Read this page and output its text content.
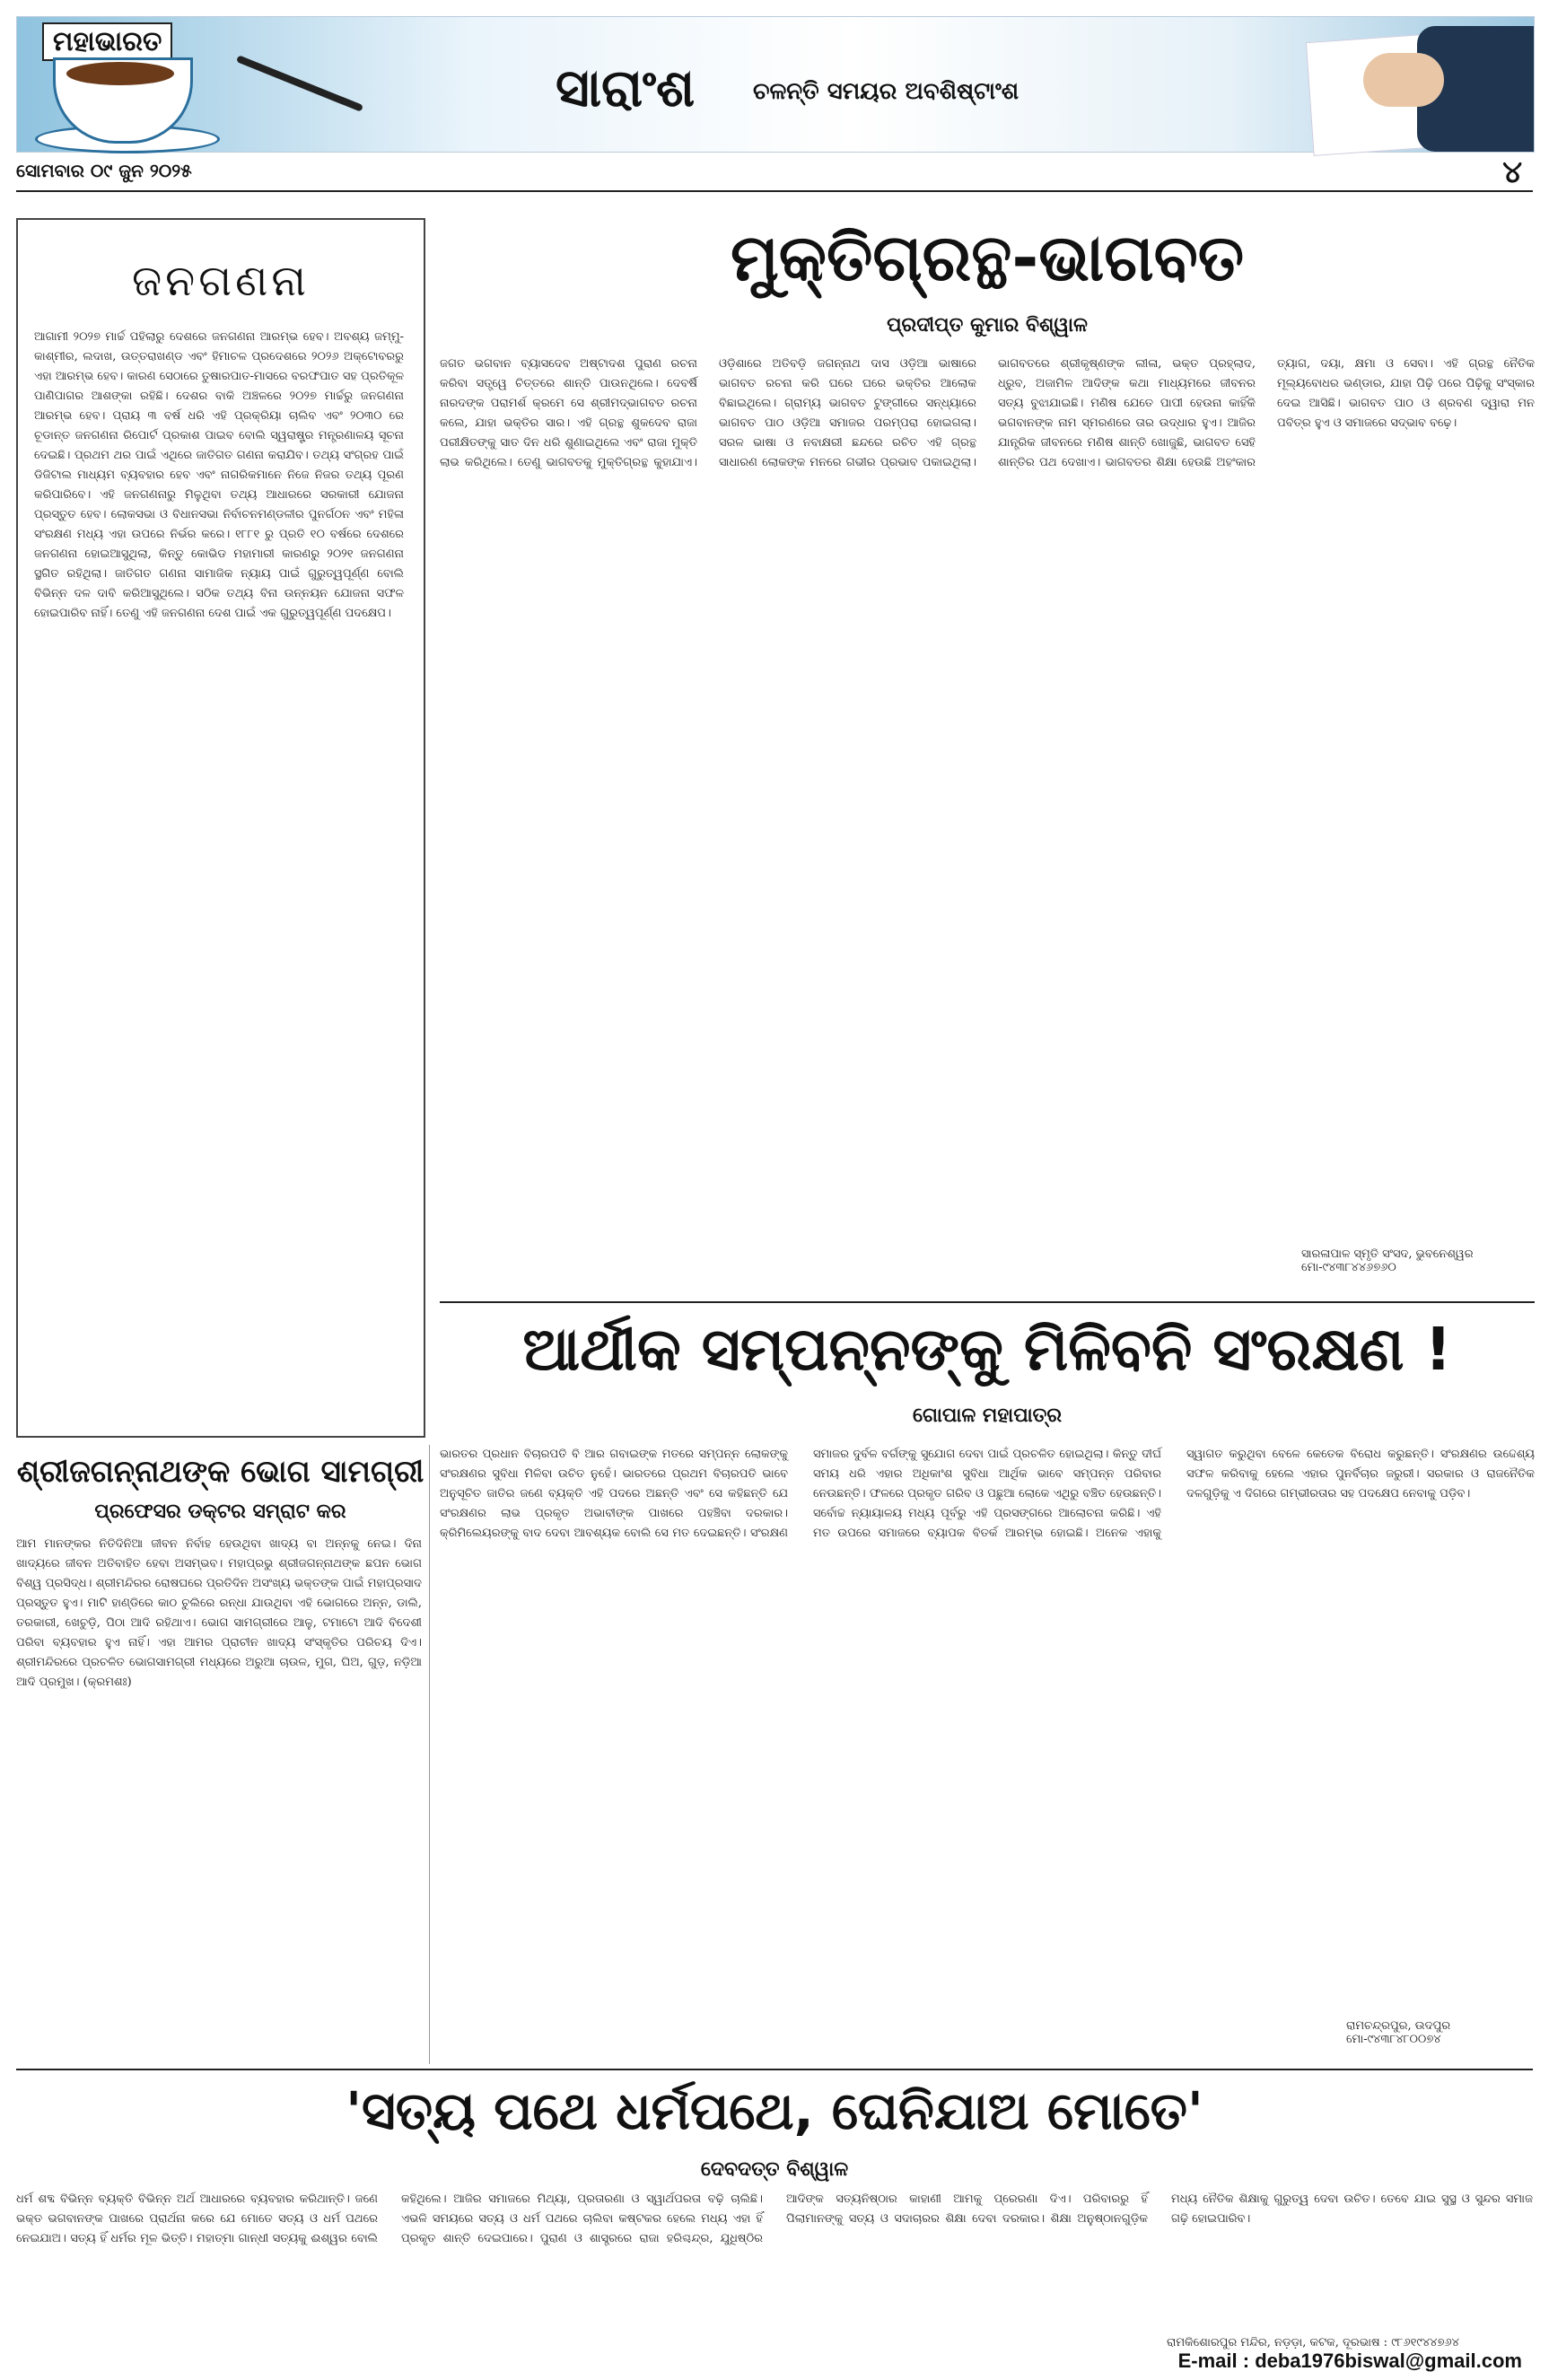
ମହାଭାରତ
ସାରାଂଶ ଚଳନ୍ତି ସମୟର ଅବଶିଷ୍ଟାଂଶ
ସୋମବାର ୦୯ ଜୁନ ୨୦୨୫	୪
ଜନଗଣନା
ଆଗାମୀ ୨୦୨୭ ମାର୍ଚ୍ଚ ପହିଲାରୁ ଦେଶରେ ଜନଗଣନା ଆରମ୍ଭ ହେବ। ଅବଶ୍ୟ ଜମ୍ମୁ-କାଶ୍ମୀର, ଲଦାଖ, ଉତ୍ତରାଖଣ୍ଡ ଏବଂ ହିମାଚଳ ପ୍ରଦେଶରେ ୨୦୨୬ ଅକ୍ଟୋବରରୁ ଏହା ଆରମ୍ଭ ହେବ। କାରଣ ସେଠାରେ ତୁଷାରପାତ-ମାସରେ ବରଫପାତ ସହ ପ୍ରତିକୂଳ ପାଣିପାଗର ଆଶଙ୍କା ରହିଛି। ଦେଶର ବାକି ଅଞ୍ଚଳରେ ୨୦୨୭ ମାର୍ଚ୍ଚରୁ ଜନଗଣନା ଆରମ୍ଭ ହେବ। ପ୍ରାୟ ୩ ବର୍ଷ ଧରି ଏହି ପ୍ରକ୍ରିୟା ଚାଲିବ ଏବଂ ୨୦୩୦ ରେ ଚୂଡାନ୍ତ ଜନଗଣନା ରିପୋର୍ଟ ପ୍ରକାଶ ପାଇବ ବୋଲି ସ୍ୱରାଷ୍ଟ୍ର ମନ୍ତ୍ରଣାଳୟ ସୂଚନା ଦେଇଛି। ପ୍ରଥମ ଥର ପାଇଁ ଏଥିରେ ଜାତିଗତ ଗଣନା କରାଯିବ। ତଥ୍ୟ ସଂଗ୍ରହ ପାଇଁ ଡିଜିଟାଲ ମାଧ୍ୟମ ବ୍ୟବହାର ହେବ ଏବଂ ନାଗରିକମାନେ ନିଜେ ନିଜର ତଥ୍ୟ ପୂରଣ କରିପାରିବେ। ଏହି ଜନଗଣନାରୁ ମିଳୁଥିବା ତଥ୍ୟ ଆଧାରରେ ସରକାରୀ ଯୋଜନା ପ୍ରସ୍ତୁତ ହେବ। ଲୋକସଭା ଓ ବିଧାନସଭା ନିର୍ବାଚନମଣ୍ଡଳୀର ପୁନର୍ଗଠନ ଏବଂ ମହିଳା ସଂରକ୍ଷଣ ମଧ୍ୟ ଏହା ଉପରେ ନିର୍ଭର କରେ। ୧୮୮୧ ରୁ ପ୍ରତି ୧୦ ବର୍ଷରେ ଦେଶରେ ଜନଗଣନା ହୋଇଆସୁଥିଲା, କିନ୍ତୁ କୋଭିଡ ମହାମାରୀ କାରଣରୁ ୨୦୨୧ ଜନଗଣନା ସ୍ଥଗିତ ରହିଥିଲା। ଜାତିଗତ ଗଣନା ସାମାଜିକ ନ୍ୟାୟ ପାଇଁ ଗୁରୁତ୍ୱପୂର୍ଣ୍ଣ ବୋଲି ବିଭିନ୍ନ ଦଳ ଦାବି କରିଆସୁଥିଲେ। ସଠିକ ତଥ୍ୟ ବିନା ଉନ୍ନୟନ ଯୋଜନା ସଫଳ ହୋଇପାରିବ ନାହିଁ। ତେଣୁ ଏହି ଜନଗଣନା ଦେଶ ପାଇଁ ଏକ ଗୁରୁତ୍ୱପୂର୍ଣ୍ଣ ପଦକ୍ଷେପ।
ମୁକ୍ତିଗ୍ରନ୍ଥ-ଭାଗବତ
ପ୍ରଦୀପ୍ତ କୁମାର ବିଶ୍ୱାଳ
ଜଗତ ଭଗବାନ ବ୍ୟାସଦେବ ଅଷ୍ଟାଦଶ ପୁରାଣ ରଚନା କରିବା ସତ୍ତ୍ୱେ ଚିତ୍ତରେ ଶାନ୍ତି ପାଉନଥିଲେ। ଦେବର୍ଷି ନାରଦଙ୍କ ପରାମର୍ଶ କ୍ରମେ ସେ ଶ୍ରୀମଦ୍ଭାଗବତ ରଚନା କଲେ, ଯାହା ଭକ୍ତିର ସାର। ଏହି ଗ୍ରନ୍ଥ ଶୁକଦେବ ରାଜା ପରୀକ୍ଷିତଙ୍କୁ ସାତ ଦିନ ଧରି ଶୁଣାଇଥିଲେ ଏବଂ ରାଜା ମୁକ୍ତି ଲାଭ କରିଥିଲେ। ତେଣୁ ଭାଗବତକୁ ମୁକ୍ତିଗ୍ରନ୍ଥ କୁହାଯାଏ। ଓଡ଼ିଶାରେ ଅତିବଡ଼ି ଜଗନ୍ନାଥ ଦାସ ଓଡ଼ିଆ ଭାଷାରେ ଭାଗବତ ରଚନା କରି ଘରେ ଘରେ ଭକ୍ତିର ଆଲୋକ ବିଛାଇଥିଲେ। ଗ୍ରାମ୍ୟ ଭାଗବତ ଟୁଙ୍ଗୀରେ ସନ୍ଧ୍ୟାରେ ଭାଗବତ ପାଠ ଓଡ଼ିଆ ସମାଜର ପରମ୍ପରା ହୋଇଗଲା। ସରଳ ଭାଷା ଓ ନବାକ୍ଷରୀ ଛନ୍ଦରେ ରଚିତ ଏହି ଗ୍ରନ୍ଥ ସାଧାରଣ ଲୋକଙ୍କ ମନରେ ଗଭୀର ପ୍ରଭାବ ପକାଇଥିଲା। ଭାଗବତରେ ଶ୍ରୀକୃଷ୍ଣଙ୍କ ଲୀଳା, ଭକ୍ତ ପ୍ରହ୍ଲାଦ, ଧ୍ରୁବ, ଅଜାମିଳ ଆଦିଙ୍କ କଥା ମାଧ୍ୟମରେ ଜୀବନର ସତ୍ୟ ବୁଝାଯାଇଛି। ମଣିଷ ଯେତେ ପାପୀ ହେଉନା କାହିଁକି ଭଗବାନଙ୍କ ନାମ ସ୍ମରଣରେ ତାର ଉଦ୍ଧାର ହୁଏ। ଆଜିର ଯାନ୍ତ୍ରିକ ଜୀବନରେ ମଣିଷ ଶାନ୍ତି ଖୋଜୁଛି, ଭାଗବତ ସେହି ଶାନ୍ତିର ପଥ ଦେଖାଏ। ଭାଗବତର ଶିକ୍ଷା ହେଉଛି ଅହଂକାର ତ୍ୟାଗ, ଦୟା, କ୍ଷମା ଓ ସେବା। ଏହି ଗ୍ରନ୍ଥ ନୈତିକ ମୂଲ୍ୟବୋଧର ଭଣ୍ଡାର, ଯାହା ପିଢ଼ି ପରେ ପିଢ଼ିକୁ ସଂସ୍କାର ଦେଇ ଆସିଛି। ଭାଗବତ ପାଠ ଓ ଶ୍ରବଣ ଦ୍ୱାରା ମନ ପବିତ୍ର ହୁଏ ଓ ସମାଜରେ ସଦ୍ଭାବ ବଢ଼େ।
ସାରଳାପାଳ ସ୍ମୃତି ସଂସଦ, ଭୁବନେଶ୍ୱର
ମୋ-୯୪୩୮୪୪୬୭୬୦
ଆର୍ଥୀକ ସମ୍ପନ୍ନଙ୍କୁ ମିଳିବନି ସଂରକ୍ଷଣ !
ଗୋପାଳ ମହାପାତ୍ର
ଶ୍ରୀଜଗନ୍ନାଥଙ୍କ ଭୋଗ ସାମଗ୍ରୀ
ପ୍ରଫେସର ଡକ୍ଟର ସମ୍ରାଟ କର
ଆମ ମାନଙ୍କର ନିତିଦିନିଆ ଜୀବନ ନିର୍ବାହ ହେଉଥିବା ଖାଦ୍ୟ ବା ଅନ୍ନକୁ ନେଇ। ଦିନା ଖାଦ୍ୟରେ ଜୀବନ ଅତିବାହିତ ହେବା ଅସମ୍ଭବ। ମହାପ୍ରଭୁ ଶ୍ରୀଜଗନ୍ନାଥଙ୍କ ଛପନ ଭୋଗ ବିଶ୍ୱ ପ୍ରସିଦ୍ଧ। ଶ୍ରୀମନ୍ଦିରର ରୋଷଘରେ ପ୍ରତିଦିନ ଅସଂଖ୍ୟ ଭକ୍ତଙ୍କ ପାଇଁ ମହାପ୍ରସାଦ ପ୍ରସ୍ତୁତ ହୁଏ। ମାଟି ହାଣ୍ଡିରେ କାଠ ଚୁଲିରେ ରନ୍ଧା ଯାଉଥିବା ଏହି ଭୋଗରେ ଅନ୍ନ, ଡାଲି, ତରକାରୀ, ଖେଚୁଡ଼ି, ପିଠା ଆଦି ରହିଥାଏ। ଭୋଗ ସାମଗ୍ରୀରେ ଆଳୁ, ଟମାଟୋ ଆଦି ବିଦେଶୀ ପରିବା ବ୍ୟବହାର ହୁଏ ନାହିଁ। ଏହା ଆମର ପ୍ରାଚୀନ ଖାଦ୍ୟ ସଂସ୍କୃତିର ପରିଚୟ ଦିଏ। ଶ୍ରୀମନ୍ଦିରରେ ପ୍ରଚଳିତ ଭୋଗସାମଗ୍ରୀ ମଧ୍ୟରେ ଅରୁଆ ଚାଉଳ, ମୁଗ, ଘିଅ, ଗୁଡ଼, ନଡ଼ିଆ ଆଦି ପ୍ରମୁଖ। (କ୍ରମଶଃ)
ଭାରତର ପ୍ରଧାନ ବିଚାରପତି ବି ଆର ଗବାଇଙ୍କ ମତରେ ସମ୍ପନ୍ନ ଲୋକଙ୍କୁ ସଂରକ୍ଷଣର ସୁବିଧା ମିଳିବା ଉଚିତ ନୁହେଁ। ଭାରତରେ ପ୍ରଥମ ବିଚାରପତି ଭାବେ ଅନୁସୂଚିତ ଜାତିର ଜଣେ ବ୍ୟକ୍ତି ଏହି ପଦରେ ଅଛନ୍ତି ଏବଂ ସେ କହିଛନ୍ତି ଯେ ସଂରକ୍ଷଣର ଲାଭ ପ୍ରକୃତ ଅଭାବୀଙ୍କ ପାଖରେ ପହଞ୍ଚିବା ଦରକାର। କ୍ରିମିଲେୟରଙ୍କୁ ବାଦ ଦେବା ଆବଶ୍ୟକ ବୋଲି ସେ ମତ ଦେଇଛନ୍ତି। ସଂରକ୍ଷଣ ସମାଜର ଦୁର୍ବଳ ବର୍ଗଙ୍କୁ ସୁଯୋଗ ଦେବା ପାଇଁ ପ୍ରଚଳିତ ହୋଇଥିଲା। କିନ୍ତୁ ଦୀର୍ଘ ସମୟ ଧରି ଏହାର ଅଧିକାଂଶ ସୁବିଧା ଆର୍ଥିକ ଭାବେ ସମ୍ପନ୍ନ ପରିବାର ନେଉଛନ୍ତି। ଫଳରେ ପ୍ରକୃତ ଗରିବ ଓ ପଛୁଆ ଲୋକେ ଏଥିରୁ ବଞ୍ଚିତ ହେଉଛନ୍ତି। ସର୍ବୋଚ୍ଚ ନ୍ୟାୟାଳୟ ମଧ୍ୟ ପୂର୍ବରୁ ଏହି ପ୍ରସଙ୍ଗରେ ଆଲୋଚନା କରିଛି। ଏହି ମତ ଉପରେ ସମାଜରେ ବ୍ୟାପକ ବିତର୍କ ଆରମ୍ଭ ହୋଇଛି। ଅନେକ ଏହାକୁ ସ୍ୱାଗତ କରୁଥିବା ବେଳେ କେତେକ ବିରୋଧ କରୁଛନ୍ତି। ସଂରକ୍ଷଣର ଉଦ୍ଦେଶ୍ୟ ସଫଳ କରିବାକୁ ହେଲେ ଏହାର ପୁନର୍ବିଚାର ଜରୁରୀ। ସରକାର ଓ ରାଜନୈତିକ ଦଳଗୁଡ଼ିକୁ ଏ ଦିଗରେ ଗମ୍ଭୀରତାର ସହ ପଦକ୍ଷେପ ନେବାକୁ ପଡ଼ିବ।
ରାମଚନ୍ଦ୍ରପୁର, ଉଦପୁର
ମୋ-୯୪୩୮୪୮୦୦୭୪
'ସତ୍ୟ ପଥେ ଧର୍ମପଥେ, ଘେନିଯାଅ ମୋତେ'
ଦେବଦତ୍ତ ବିଶ୍ୱାଳ
ଧର୍ମ ଶବ୍ଦ ବିଭିନ୍ନ ବ୍ୟକ୍ତି ବିଭିନ୍ନ ଅର୍ଥ ଆଧାରରେ ବ୍ୟବହାର କରିଥାନ୍ତି। ଜଣେ ଭକ୍ତ ଭଗବାନଙ୍କ ପାଖରେ ପ୍ରାର୍ଥନା କରେ ଯେ ମୋତେ ସତ୍ୟ ଓ ଧର୍ମ ପଥରେ ନେଇଯାଅ। ସତ୍ୟ ହିଁ ଧର୍ମର ମୂଳ ଭିତ୍ତି। ମହାତ୍ମା ଗାନ୍ଧୀ ସତ୍ୟକୁ ଈଶ୍ୱର ବୋଲି କହିଥିଲେ। ଆଜିର ସମାଜରେ ମିଥ୍ୟା, ପ୍ରତାରଣା ଓ ସ୍ୱାର୍ଥପରତା ବଢ଼ି ଚାଲିଛି। ଏଭଳି ସମୟରେ ସତ୍ୟ ଓ ଧର୍ମ ପଥରେ ଚାଲିବା କଷ୍ଟକର ହେଲେ ମଧ୍ୟ ଏହା ହିଁ ପ୍ରକୃତ ଶାନ୍ତି ଦେଇପାରେ। ପୁରାଣ ଓ ଶାସ୍ତ୍ରରେ ରାଜା ହରିଶ୍ଚନ୍ଦ୍ର, ଯୁଧିଷ୍ଠିର ଆଦିଙ୍କ ସତ୍ୟନିଷ୍ଠାର କାହାଣୀ ଆମକୁ ପ୍ରେରଣା ଦିଏ। ପରିବାରରୁ ହିଁ ପିଲାମାନଙ୍କୁ ସତ୍ୟ ଓ ସଦାଚାରର ଶିକ୍ଷା ଦେବା ଦରକାର। ଶିକ୍ଷା ଅନୁଷ୍ଠାନଗୁଡ଼ିକ ମଧ୍ୟ ନୈତିକ ଶିକ୍ଷାକୁ ଗୁରୁତ୍ୱ ଦେବା ଉଚିତ। ତେବେ ଯାଇ ସୁସ୍ଥ ଓ ସୁନ୍ଦର ସମାଜ ଗଢ଼ି ହୋଇପାରିବ।
ରାମକିଶୋରପୁର ମନ୍ଦିର, ନଡ଼ଡ଼ା, କଟକ, ଦୂରଭାଷ : ୯୮୬୧୯୪୪୭୬୪
E-mail : deba1976biswal@gmail.com
